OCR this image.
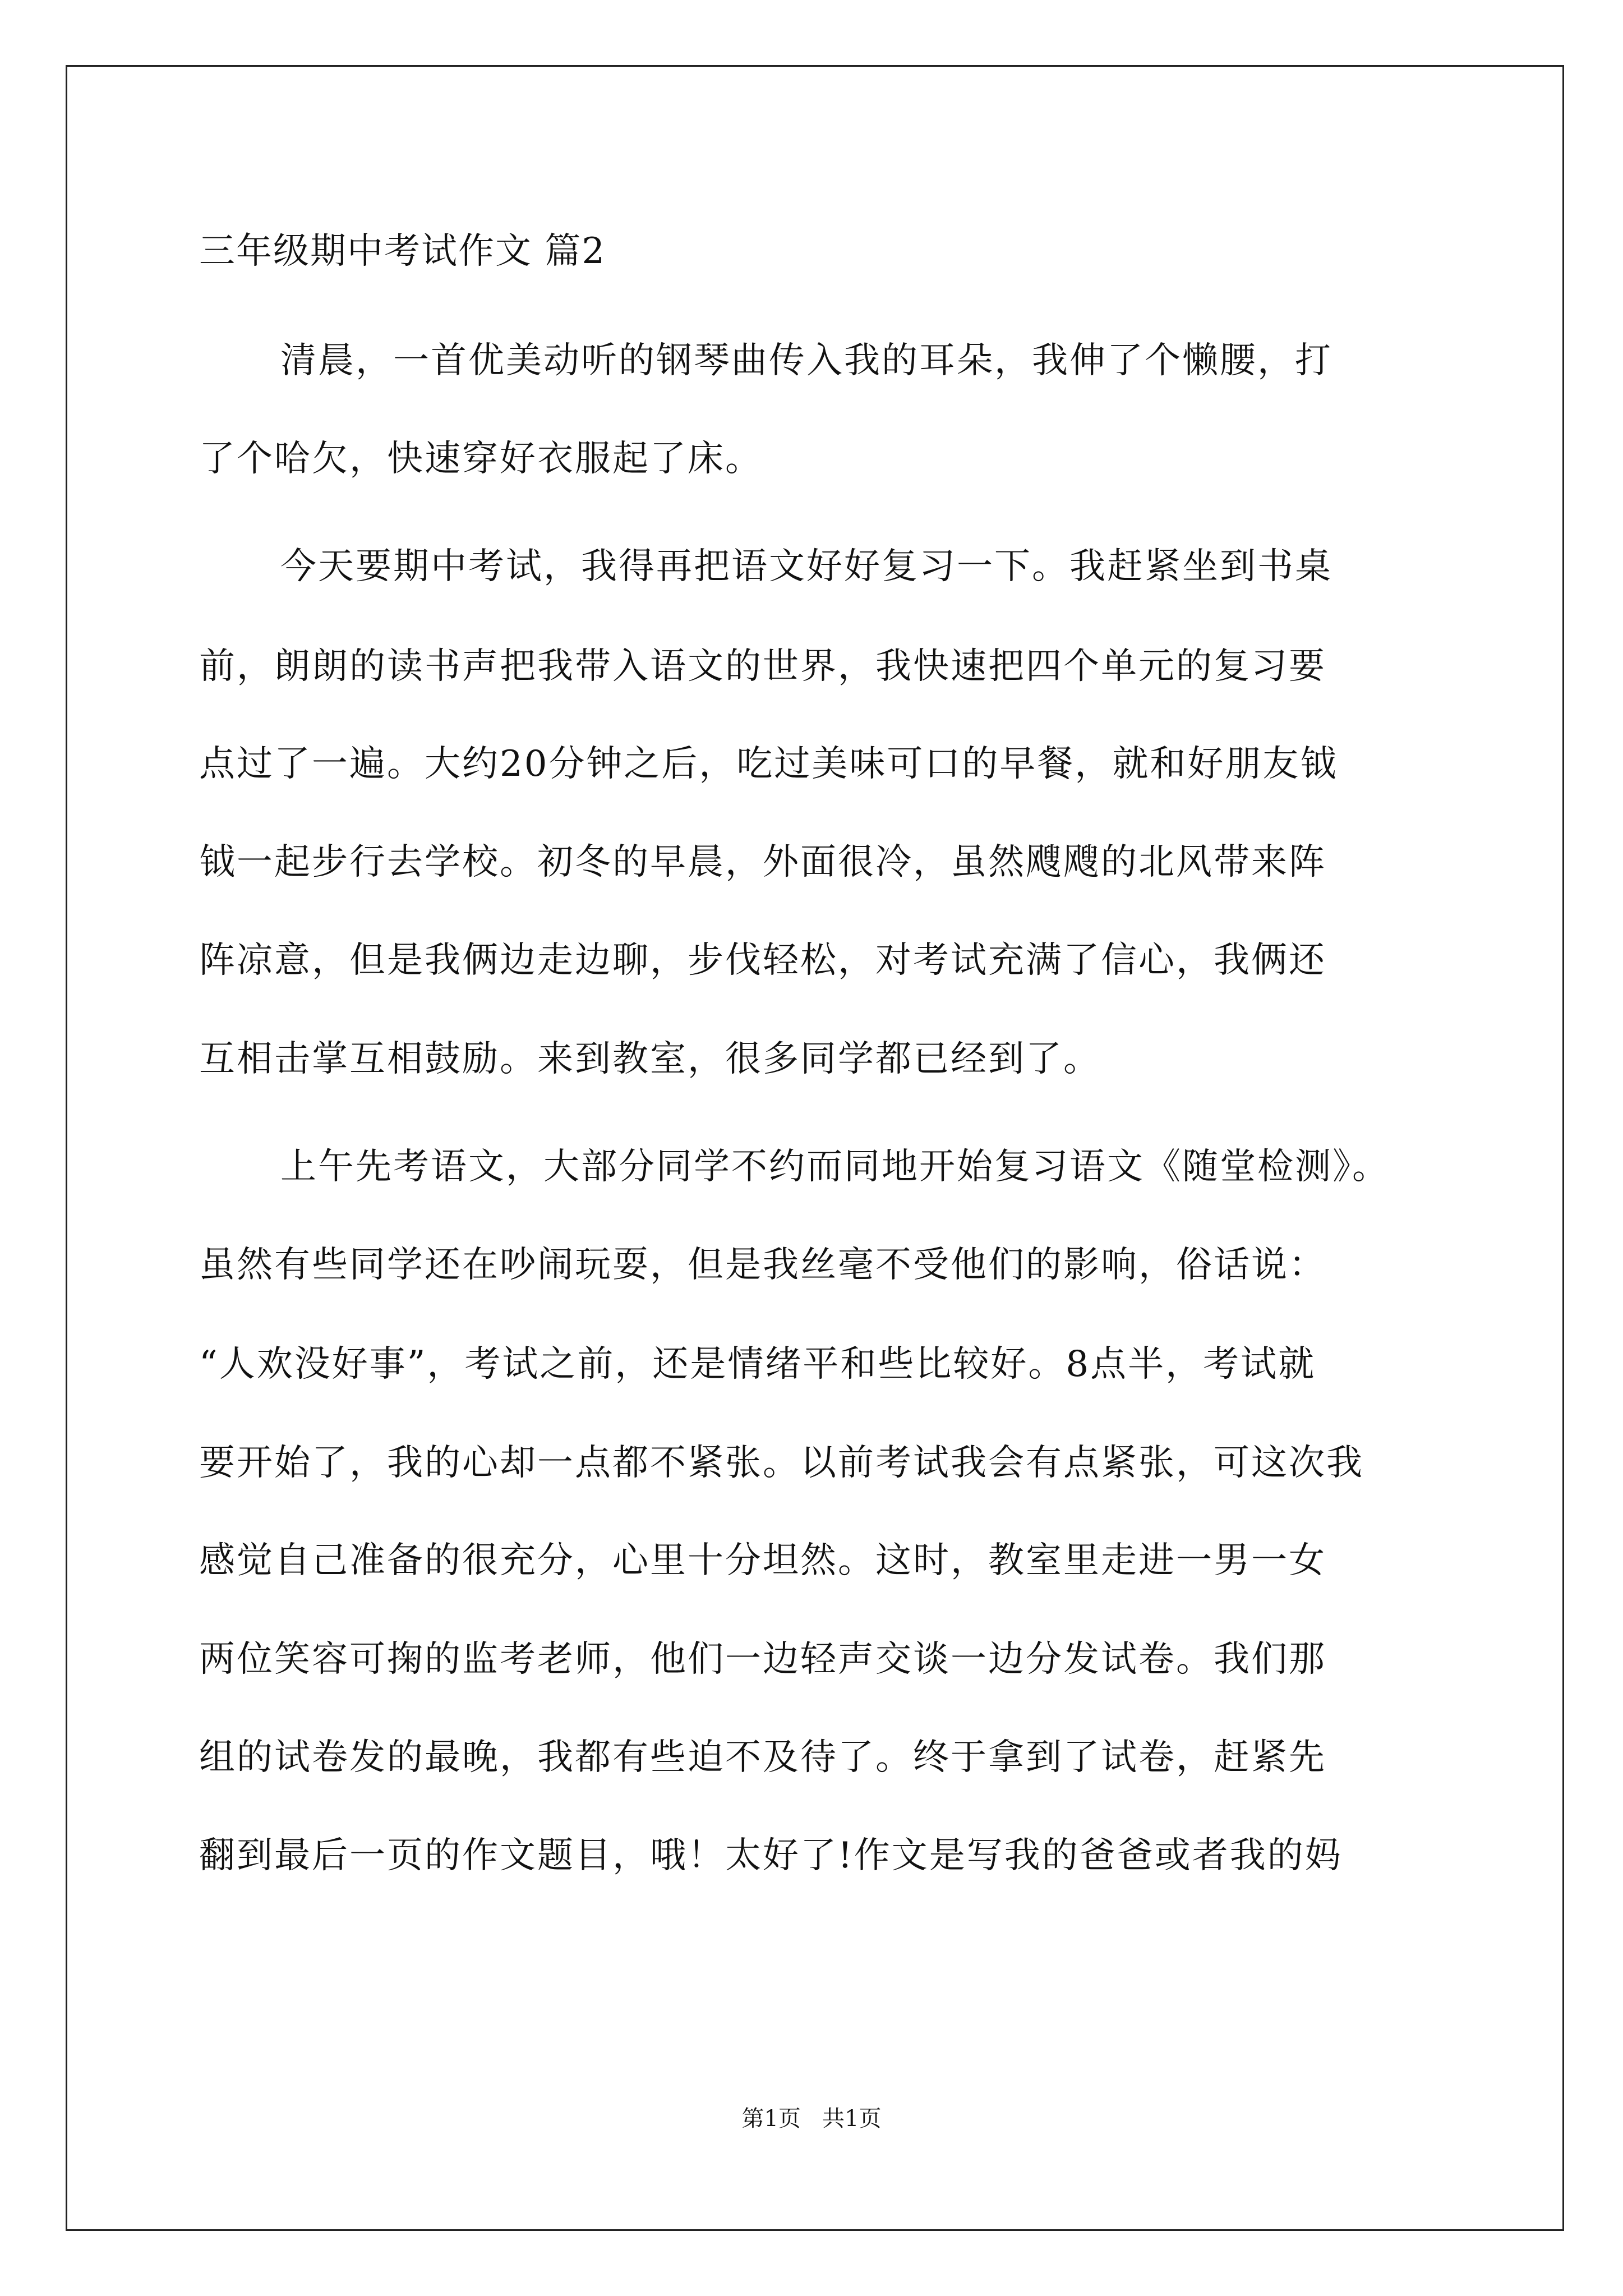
三年级期中考试作文 篇2
清晨，一首优美动听的钢琴曲传入我的耳朵，我伸了个懒腰，打
了个哈欠，快速穿好衣服起了床。
今天要期中考试，我得再把语文好好复习一下。我赶紧坐到书桌
前，朗朗的读书声把我带入语文的世界，我快速把四个单元的复习要
点过了一遍。大约20分钟之后，吃过美味可口的早餐，就和好朋友钺
钺一起步行去学校。初冬的早晨，外面很冷，虽然飕飕的北风带来阵
阵凉意，但是我俩边走边聊，步伐轻松，对考试充满了信心，我俩还
互相击掌互相鼓励。来到教室，很多同学都已经到了。
上午先考语文，大部分同学不约而同地开始复习语文《随堂检测》。
虽然有些同学还在吵闹玩耍，但是我丝毫不受他们的影响，俗话说：
“人欢没好事”，考试之前，还是情绪平和些比较好。8点半，考试就
要开始了，我的心却一点都不紧张。以前考试我会有点紧张，可这次我
感觉自己准备的很充分，心里十分坦然。这时，教室里走进一男一女
两位笑容可掬的监考老师，他们一边轻声交谈一边分发试卷。我们那
组的试卷发的最晚，我都有些迫不及待了。终于拿到了试卷，赶紧先
翻到最后一页的作文题目，哦！太好了!作文是写我的爸爸或者我的妈
第1页   共1页
